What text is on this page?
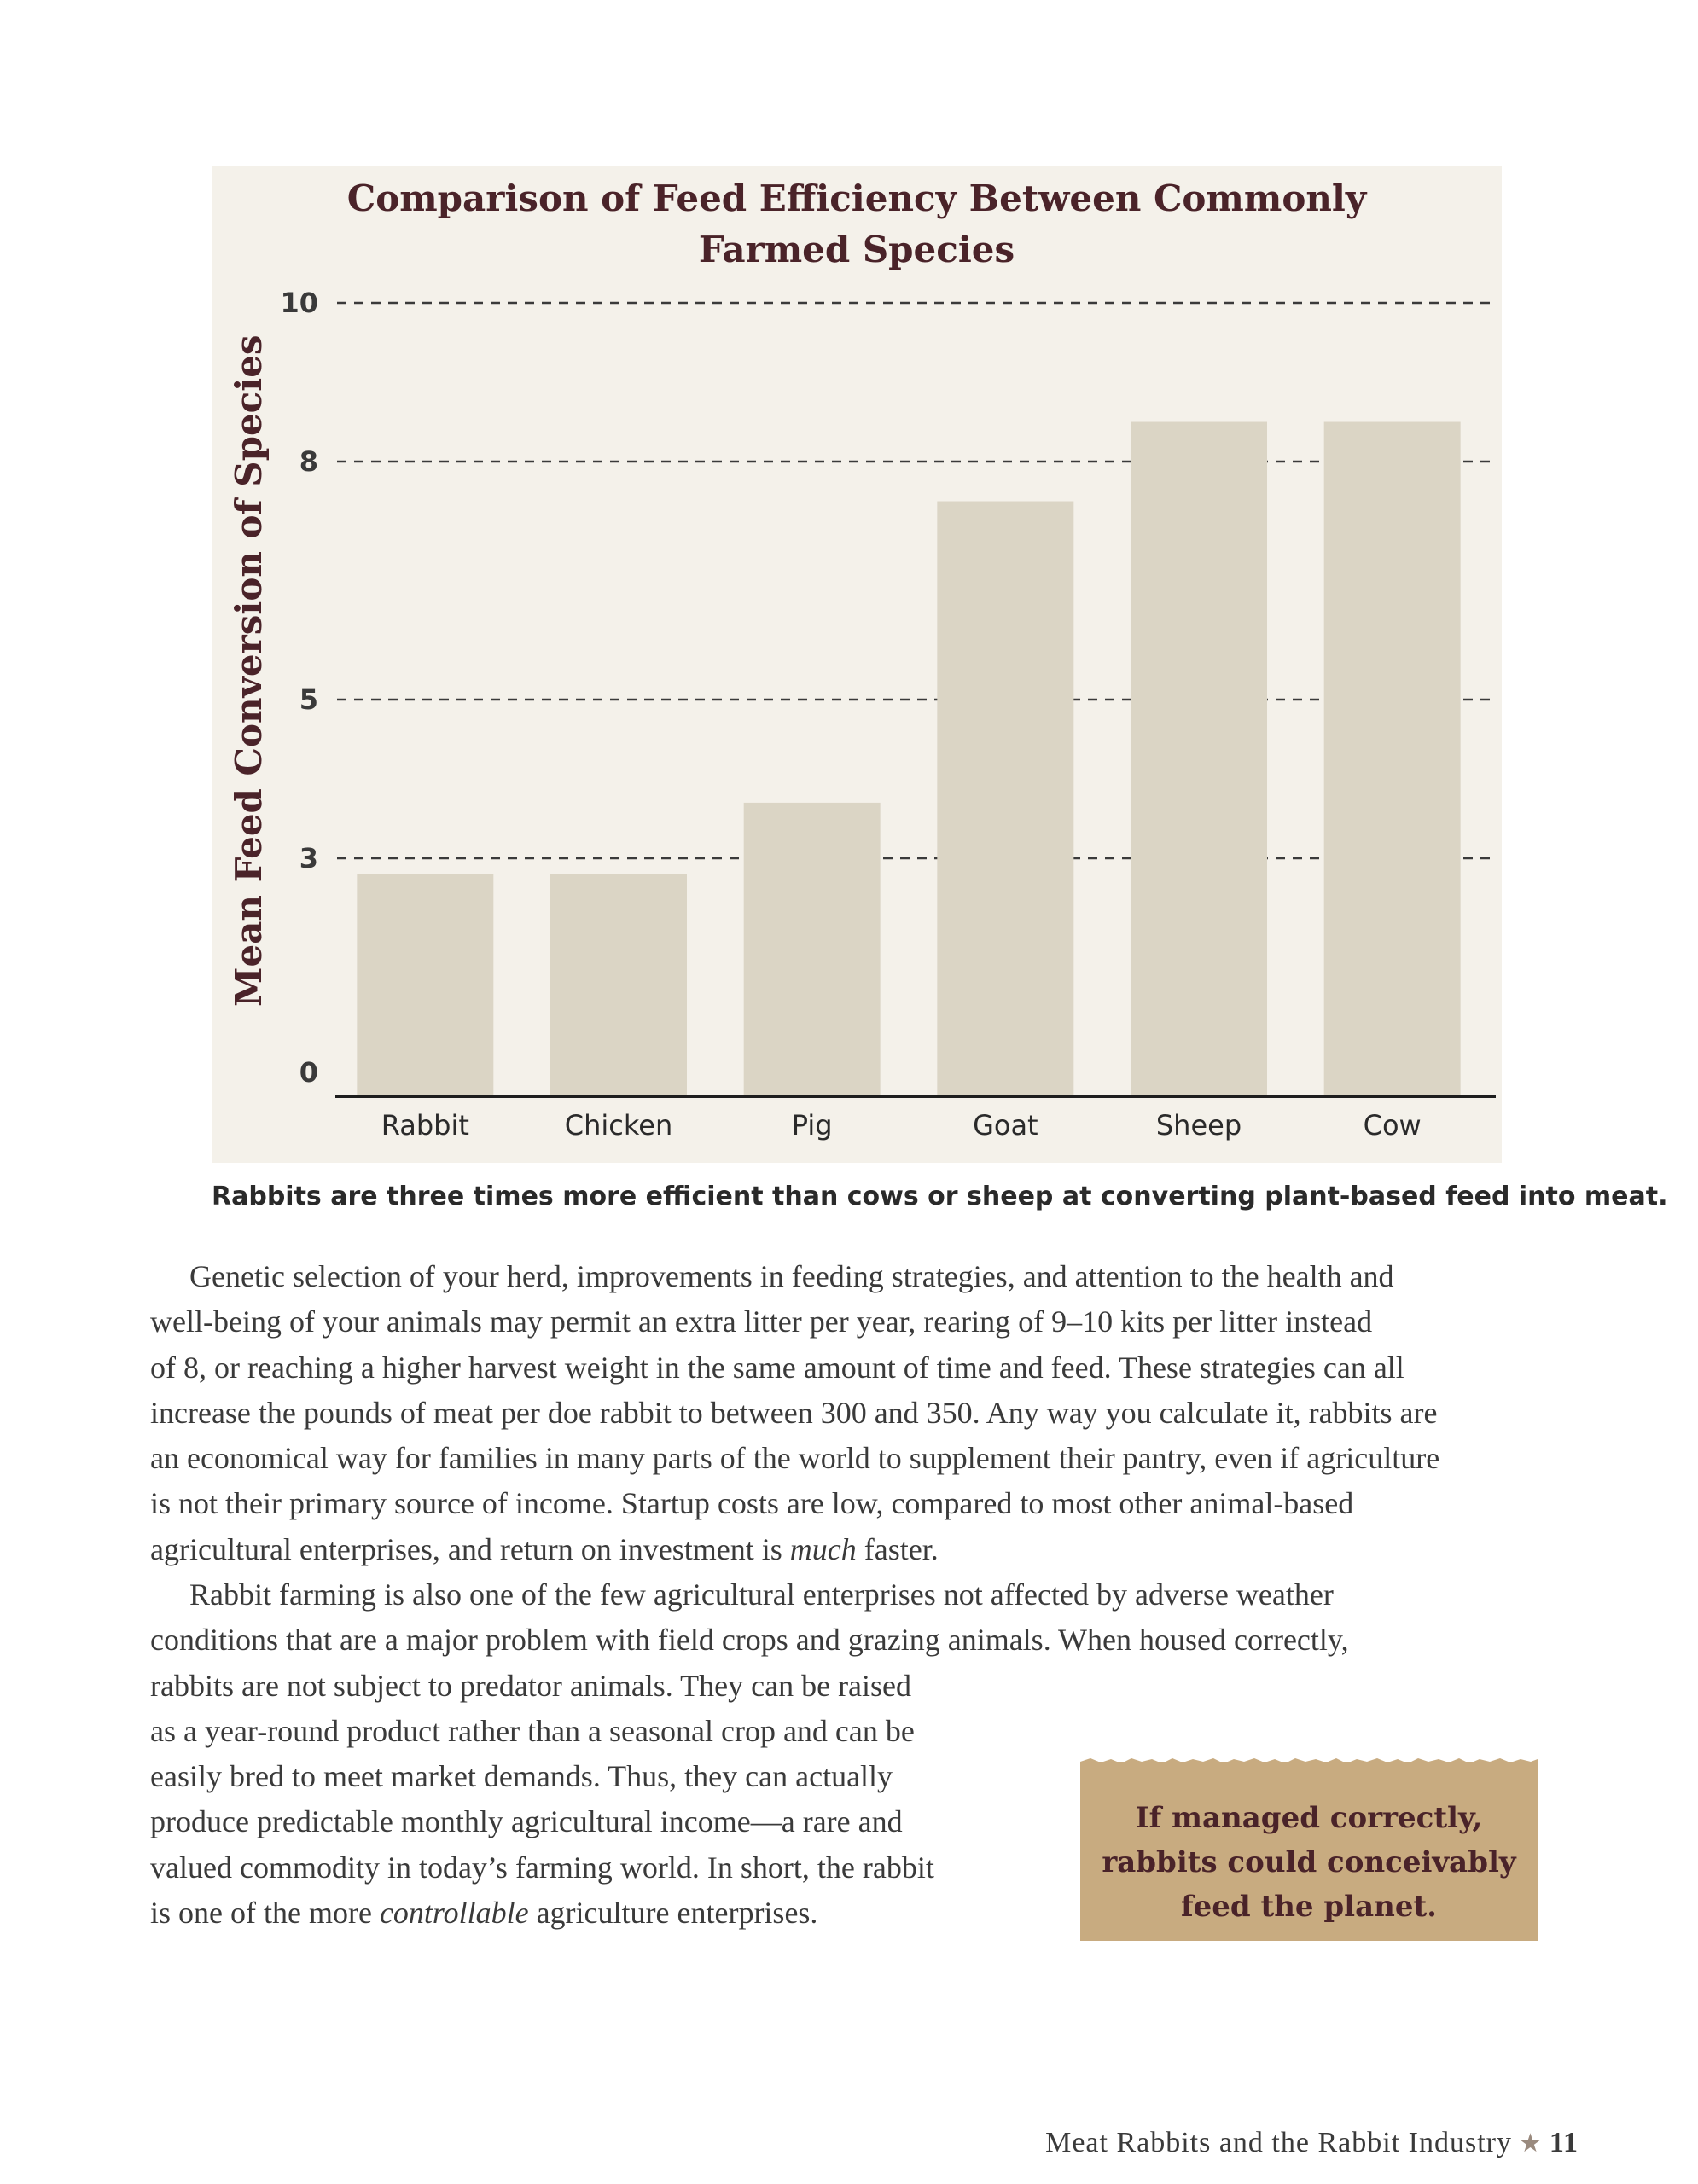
Comparison of Feed Efficiency Between Commonly
Farmed Species
Mean Feed Conversion of Species
0
3
5
8
10
Rabbit	Chicken	Pig	Goat	Sheep	Cow
Rabbits are three times more efficient than cows or sheep at converting plant-based feed into meat.
Genetic selection of your herd, improvements in feeding strategies, and attention to the health and
well-being of your animals may permit an extra litter per year, rearing of 9–10 kits per litter instead
of 8, or reaching a higher harvest weight in the same amount of time and feed. These strategies can all
increase the pounds of meat per doe rabbit to between 300 and 350. Any way you calculate it, rabbits are
an economical way for families in many parts of the world to supplement their pantry, even if agriculture
is not their primary source of income. Startup costs are low, compared to most other animal-based
agricultural enterprises, and return on investment is much faster.
Rabbit farming is also one of the few agricultural enterprises not affected by adverse weather
conditions that are a major problem with field crops and grazing animals. When housed correctly,
rabbits are not subject to predator animals. They can be raised
as a year-round product rather than a seasonal crop and can be
easily bred to meet market demands. Thus, they can actually
produce predictable monthly agricultural income—a rare and
valued commodity in today’s farming world. In short, the rabbit
is one of the more controllable agriculture enterprises.
If managed correctly,
rabbits could conceivably
feed the planet.
Meat Rabbits and the Rabbit Industry ★ 11
